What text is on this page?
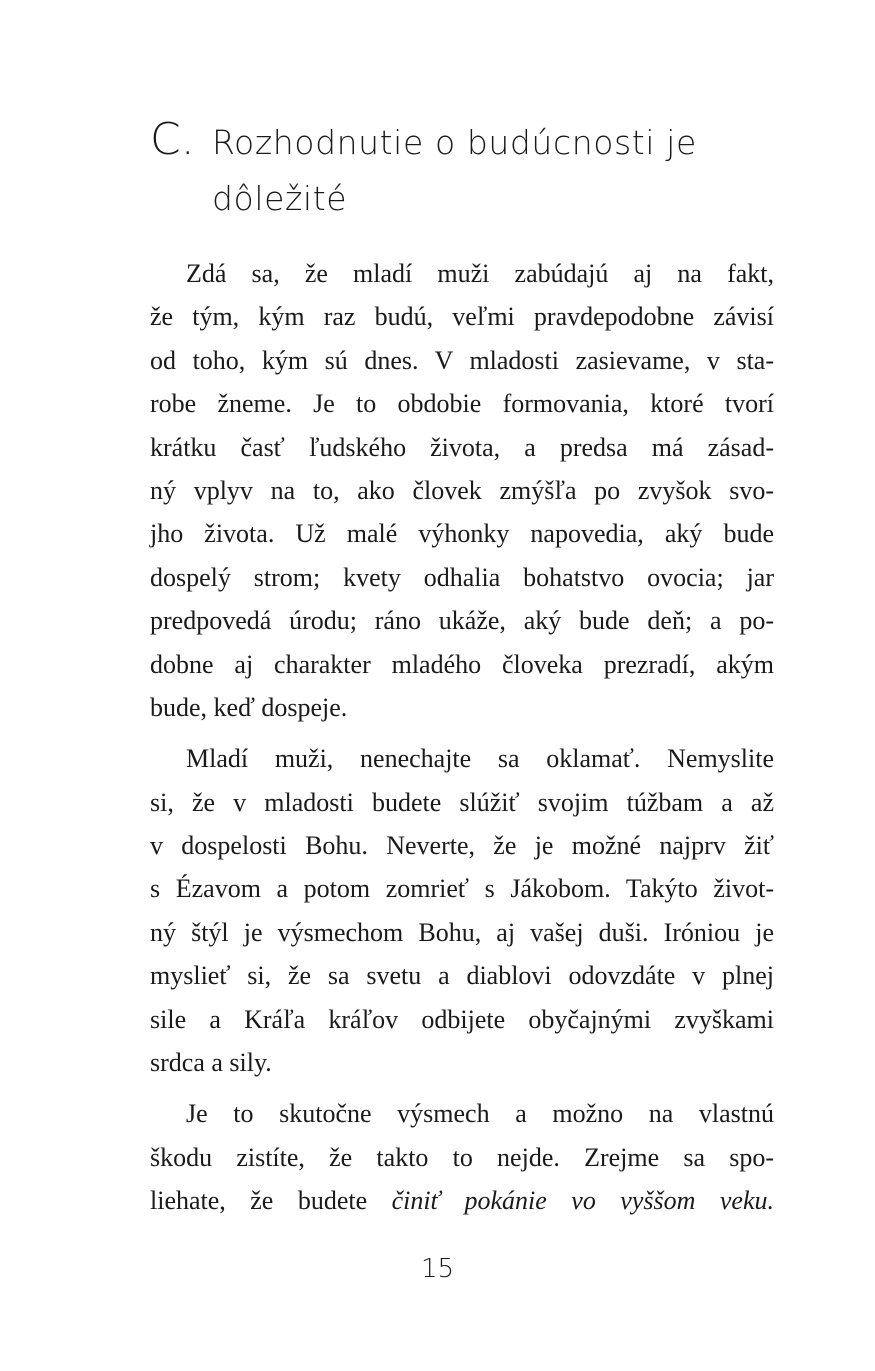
C. Rozhodnutie o budúcnosti je
dôležité
Zdá sa, že mladí muži zabúdajú aj na fakt,
že tým, kým raz budú, veľmi pravdepodobne závisí
od toho, kým sú dnes. V mladosti zasievame, v sta-
robe žneme. Je to obdobie formovania, ktoré tvorí
krátku časť ľudského života, a predsa má zásad-
ný vplyv na to, ako človek zmýšľa po zvyšok svo-
jho života. Už malé výhonky napovedia, aký bude
dospelý strom; kvety odhalia bohatstvo ovocia; jar
predpovedá úrodu; ráno ukáže, aký bude deň; a po-
dobne aj charakter mladého človeka prezradí, akým
bude, keď dospeje.
Mladí muži, nenechajte sa oklamať. Nemyslite
si, že v mladosti budete slúžiť svojim túžbam a až
v dospelosti Bohu. Neverte, že je možné najprv žiť
s Ézavom a potom zomrieť s Jákobom. Takýto život-
ný štýl je výsmechom Bohu, aj vašej duši. Iróniou je
myslieť si, že sa svetu a diablovi odovzdáte v plnej
sile a Kráľa kráľov odbijete obyčajnými zvyškami
srdca a sily.
Je to skutočne výsmech a možno na vlastnú
škodu zistíte, že takto to nejde. Zrejme sa spo-
liehate, že budete činiť pokánie vo vyššom veku.
15
